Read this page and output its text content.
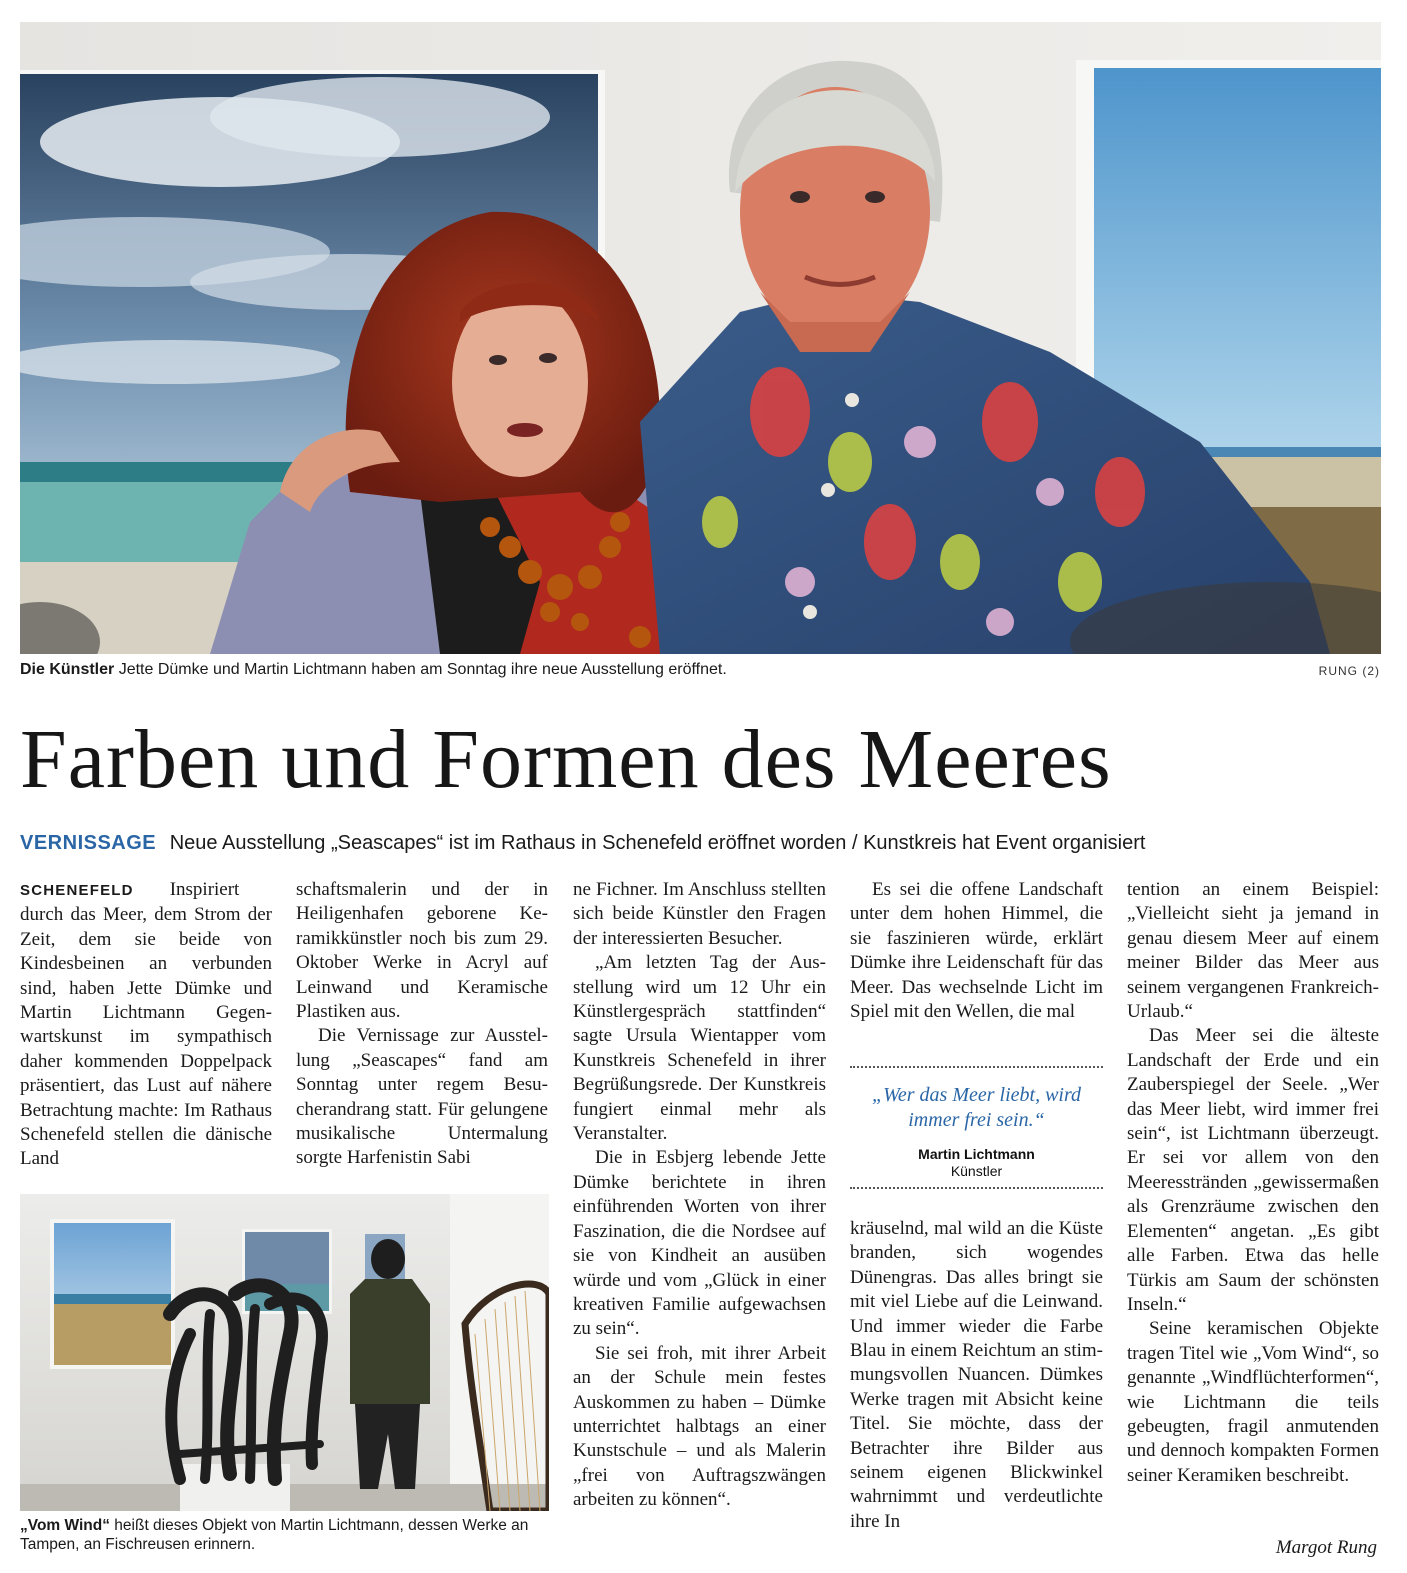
Die Künstler Jette Dümke und Martin Lichtmann haben am Sonntag ihre neue Ausstellung eröffnet.	RUNG (2)
Farben und Formen des Meeres
VERNISSAGE Neue Ausstellung „Seascapes“ ist im Rathaus in Schenefeld eröffnet worden / Kunstkreis hat Event organisiert

SCHENEFELD Inspiriert durch das Meer, dem Strom der Zeit, dem sie beide von Kindesbeinen an verbunden sind, haben Jette Dümke und Martin Lichtmann Gegenwartskunst im sympathisch daher kommenden Doppelpack präsentiert, das Lust auf nähere Betrachtung machte: Im Rathaus Schenefeld stellen die dänische Land

schaftsmalerin und der in Heiligenhafen geborene Keramikkünstler noch bis zum 29. Oktober Werke in Acryl auf Leinwand und Keramische Plastiken aus.

Die Vernissage zur Ausstellung „Seascapes“ fand am Sonntag unter regem Besucherandrang statt. Für gelungene musikalische Untermalung sorgte Harfenistin Sabi

ne Fichner. Im Anschluss stellten sich beide Künstler den Fragen der interessierten Besucher.

„Am letzten Tag der Ausstellung wird um 12 Uhr ein Künstlergespräch stattfinden“ sagte Ursula Wientapper vom Kunstkreis Schenefeld in ihrer Begrüßungsrede. Der Kunstkreis fungiert einmal mehr als Veranstalter.

Die in Esbjerg lebende Jette Dümke berichtete in ihren einführenden Worten von ihrer Faszination, die die Nordsee auf sie von Kindheit an ausüben würde und vom „Glück in einer kreativen Familie aufgewachsen zu sein“.

Sie sei froh, mit ihrer Arbeit an der Schule mein festes Auskommen zu haben – Dümke unterrichtet halbtags an einer Kunstschule – und als Malerin „frei von Auftragszwängen arbeiten zu können“.

Es sei die offene Landschaft unter dem hohen Himmel, die sie faszinieren würde, erklärt Dümke ihre Leidenschaft für das Meer. Das wechselnde Licht im Spiel mit den Wellen, die mal

„Wer das Meer liebt, wird immer frei sein.“
Martin Lichtmann
Künstler

kräuselnd, mal wild an die Küste branden, sich wogendes Dünengras. Das alles bringt sie mit viel Liebe auf die Leinwand. Und immer wieder die Farbe Blau in einem Reichtum an stimmungsvollen Nuancen. Dümkes Werke tragen mit Absicht keine Titel. Sie möchte, dass der Betrachter ihre Bilder aus seinem eigenen Blickwinkel wahrnimmt und verdeutlichte ihre In

tention an einem Beispiel: „Vielleicht sieht ja jemand in genau diesem Meer auf einem meiner Bilder das Meer aus seinem vergangenen Frankreich-Urlaub.“

Das Meer sei die älteste Landschaft der Erde und ein Zauberspiegel der Seele. „Wer das Meer liebt, wird immer frei sein“, ist Lichtmann überzeugt. Er sei vor allem von den Meeresstränden „gewissermaßen als Grenzräume zwischen den Elementen“ angetan. „Es gibt alle Farben. Etwa das helle Türkis am Saum der schönsten Inseln.“

Seine keramischen Objekte tragen Titel wie „Vom Wind“, so genannte „Windflüchterformen“, wie Lichtmann die teils gebeugten, fragil anmutenden und dennoch kompakten Formen seiner Keramiken beschreibt.

Margot Rung
„Vom Wind“ heißt dieses Objekt von Martin Lichtmann, dessen Werke an Tampen, an Fischreusen erinnern.
